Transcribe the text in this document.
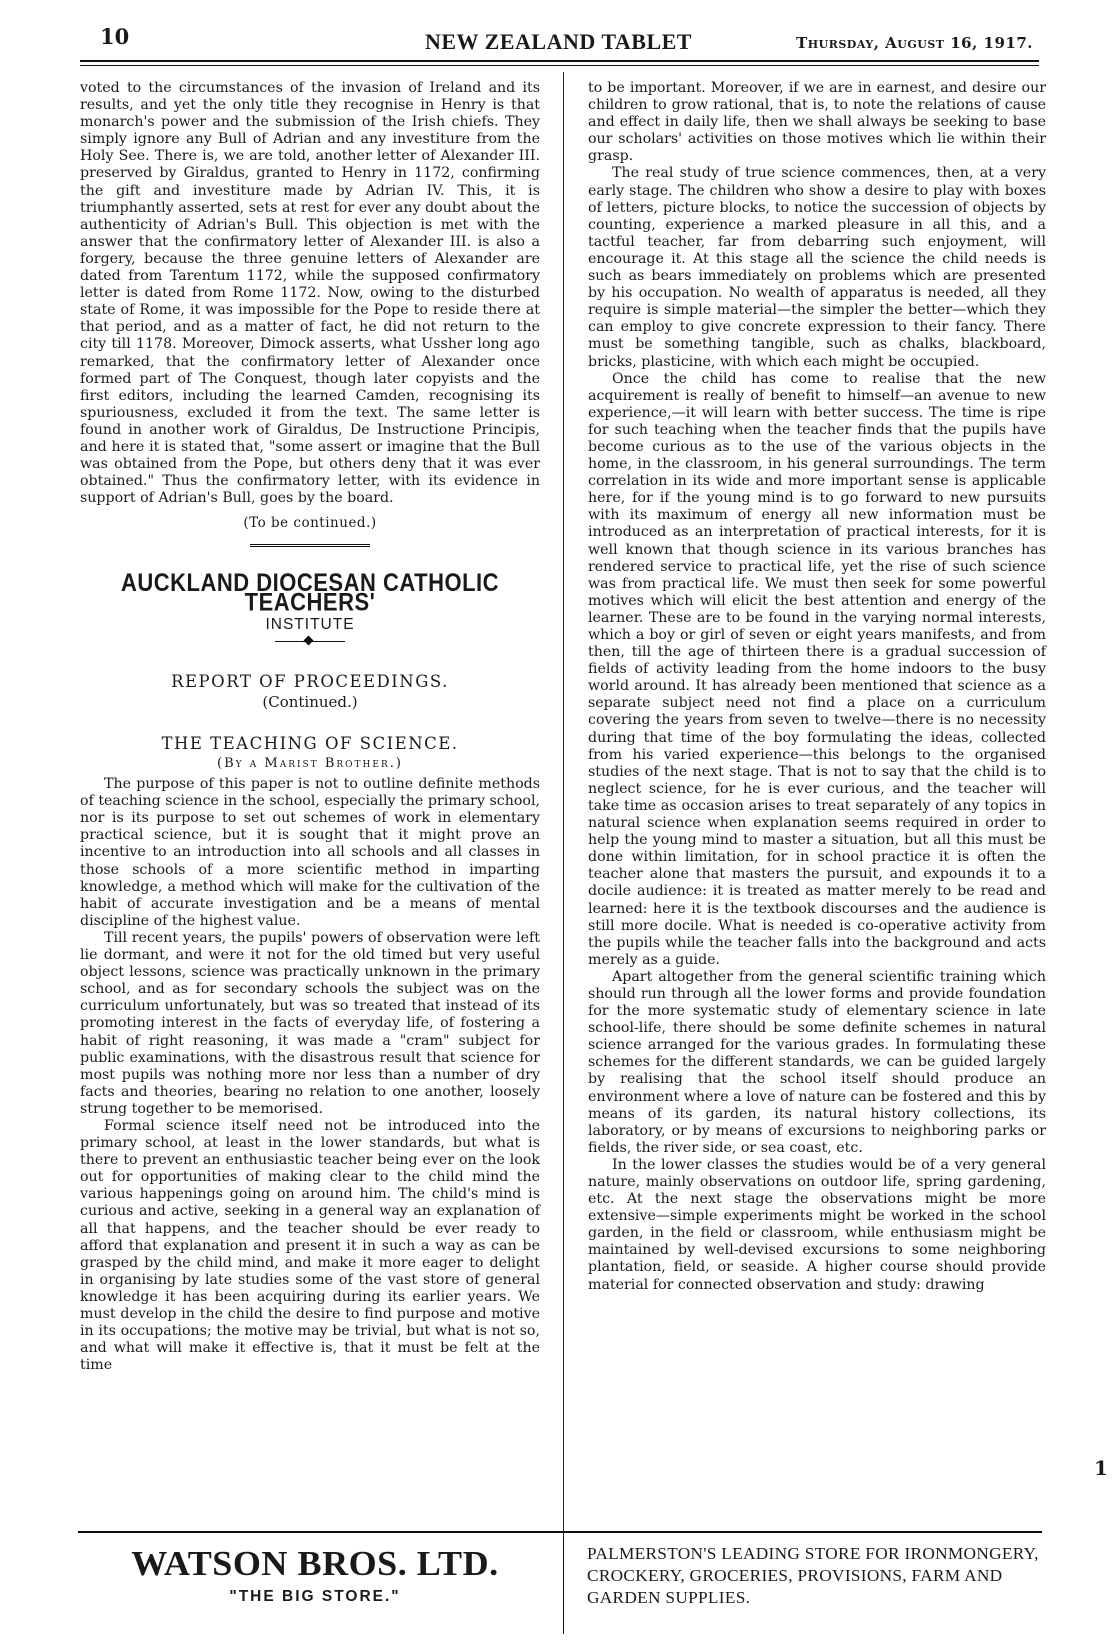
10	NEW ZEALAND TABLET	Thursday, August 16, 1917.

voted to the circumstances of the invasion of Ireland and its results, and yet the only title they recognise in Henry is that monarch's power and the submission of the Irish chiefs. They simply ignore any Bull of Adrian and any investiture from the Holy See. There is, we are told, another letter of Alexander III. preserved by Giraldus, granted to Henry in 1172, confirming the gift and investiture made by Adrian IV. This, it is triumphantly asserted, sets at rest for ever any doubt about the authenticity of Adrian's Bull. This objection is met with the answer that the confirmatory letter of Alexander III. is also a forgery, because the three genuine letters of Alexander are dated from Tarentum 1172, while the supposed confirmatory letter is dated from Rome 1172. Now, owing to the disturbed state of Rome, it was impossible for the Pope to reside there at that period, and as a matter of fact, he did not return to the city till 1178. Moreover, Dimock asserts, what Ussher long ago remarked, that the confirmatory letter of Alexander once formed part of The Conquest, though later copyists and the first editors, including the learned Camden, recognising its spuriousness, excluded it from the text. The same letter is found in another work of Giraldus, De Instructione Principis, and here it is stated that, "some assert or imagine that the Bull was obtained from the Pope, but others deny that it was ever obtained." Thus the confirmatory letter, with its evidence in support of Adrian's Bull, goes by the board.

(To be continued.)
AUCKLAND DIOCESAN CATHOLIC TEACHERS'
INSTITUTE
REPORT OF PROCEEDINGS.
(Continued.)
THE TEACHING OF SCIENCE.
(By a Marist Brother.)

The purpose of this paper is not to outline definite methods of teaching science in the school, especially the primary school, nor is its purpose to set out schemes of work in elementary practical science, but it is sought that it might prove an incentive to an introduction into all schools and all classes in those schools of a more scientific method in imparting knowledge, a method which will make for the cultivation of the habit of accurate investigation and be a means of mental discipline of the highest value.

Till recent years, the pupils' powers of observation were left lie dormant, and were it not for the old timed but very useful object lessons, science was practically unknown in the primary school, and as for secondary schools the subject was on the curriculum unfortunately, but was so treated that instead of its promoting interest in the facts of everyday life, of fostering a habit of right reasoning, it was made a "cram" subject for public examinations, with the disastrous result that science for most pupils was nothing more nor less than a number of dry facts and theories, bearing no relation to one another, loosely strung together to be memorised.

Formal science itself need not be introduced into the primary school, at least in the lower standards, but what is there to prevent an enthusiastic teacher being ever on the look out for opportunities of making clear to the child mind the various happenings going on around him. The child's mind is curious and active, seeking in a general way an explanation of all that happens, and the teacher should be ever ready to afford that explanation and present it in such a way as can be grasped by the child mind, and make it more eager to delight in organising by late studies some of the vast store of general knowledge it has been acquiring during its earlier years. We must develop in the child the desire to find purpose and motive in its occupations; the motive may be trivial, but what is not so, and what will make it effective is, that it must be felt at the time

to be important. Moreover, if we are in earnest, and desire our children to grow rational, that is, to note the relations of cause and effect in daily life, then we shall always be seeking to base our scholars' activities on those motives which lie within their grasp.

The real study of true science commences, then, at a very early stage. The children who show a desire to play with boxes of letters, picture blocks, to notice the succession of objects by counting, experience a marked pleasure in all this, and a tactful teacher, far from debarring such enjoyment, will encourage it. At this stage all the science the child needs is such as bears immediately on problems which are presented by his occupation. No wealth of apparatus is needed, all they require is simple material—the simpler the better—which they can employ to give concrete expression to their fancy. There must be something tangible, such as chalks, blackboard, bricks, plasticine, with which each might be occupied.

Once the child has come to realise that the new acquirement is really of benefit to himself—an avenue to new experience,—it will learn with better success. The time is ripe for such teaching when the teacher finds that the pupils have become curious as to the use of the various objects in the home, in the classroom, in his general surroundings. The term correlation in its wide and more important sense is applicable here, for if the young mind is to go forward to new pursuits with its maximum of energy all new information must be introduced as an interpretation of practical interests, for it is well known that though science in its various branches has rendered service to practical life, yet the rise of such science was from practical life. We must then seek for some powerful motives which will elicit the best attention and energy of the learner. These are to be found in the varying normal interests, which a boy or girl of seven or eight years manifests, and from then, till the age of thirteen there is a gradual succession of fields of activity leading from the home indoors to the busy world around. It has already been mentioned that science as a separate subject need not find a place on a curriculum covering the years from seven to twelve—there is no necessity during that time of the boy formulating the ideas, collected from his varied experience—this belongs to the organised studies of the next stage. That is not to say that the child is to neglect science, for he is ever curious, and the teacher will take time as occasion arises to treat separately of any topics in natural science when explanation seems required in order to help the young mind to master a situation, but all this must be done within limitation, for in school practice it is often the teacher alone that masters the pursuit, and expounds it to a docile audience: it is treated as matter merely to be read and learned: here it is the textbook discourses and the audience is still more docile. What is needed is co-operative activity from the pupils while the teacher falls into the background and acts merely as a guide.

Apart altogether from the general scientific training which should run through all the lower forms and provide foundation for the more systematic study of elementary science in late school-life, there should be some definite schemes in natural science arranged for the various grades. In formulating these schemes for the different standards, we can be guided largely by realising that the school itself should produce an environment where a love of nature can be fostered and this by means of its garden, its natural history collections, its laboratory, or by means of excursions to neighboring parks or fields, the river side, or sea coast, etc.

In the lower classes the studies would be of a very general nature, mainly observations on outdoor life, spring gardening, etc. At the next stage the observations might be more extensive—simple experiments might be worked in the school garden, in the field or classroom, while enthusiasm might be maintained by well-devised excursions to some neighboring plantation, field, or seaside. A higher course should provide material for connected observation and study: drawing

1
WATSON BROS. LTD.
"THE BIG STORE."
PALMERSTON'S LEADING STORE FOR IRONMONGERY, CROCKERY, GROCERIES, PROVISIONS, FARM AND GARDEN SUPPLIES.
